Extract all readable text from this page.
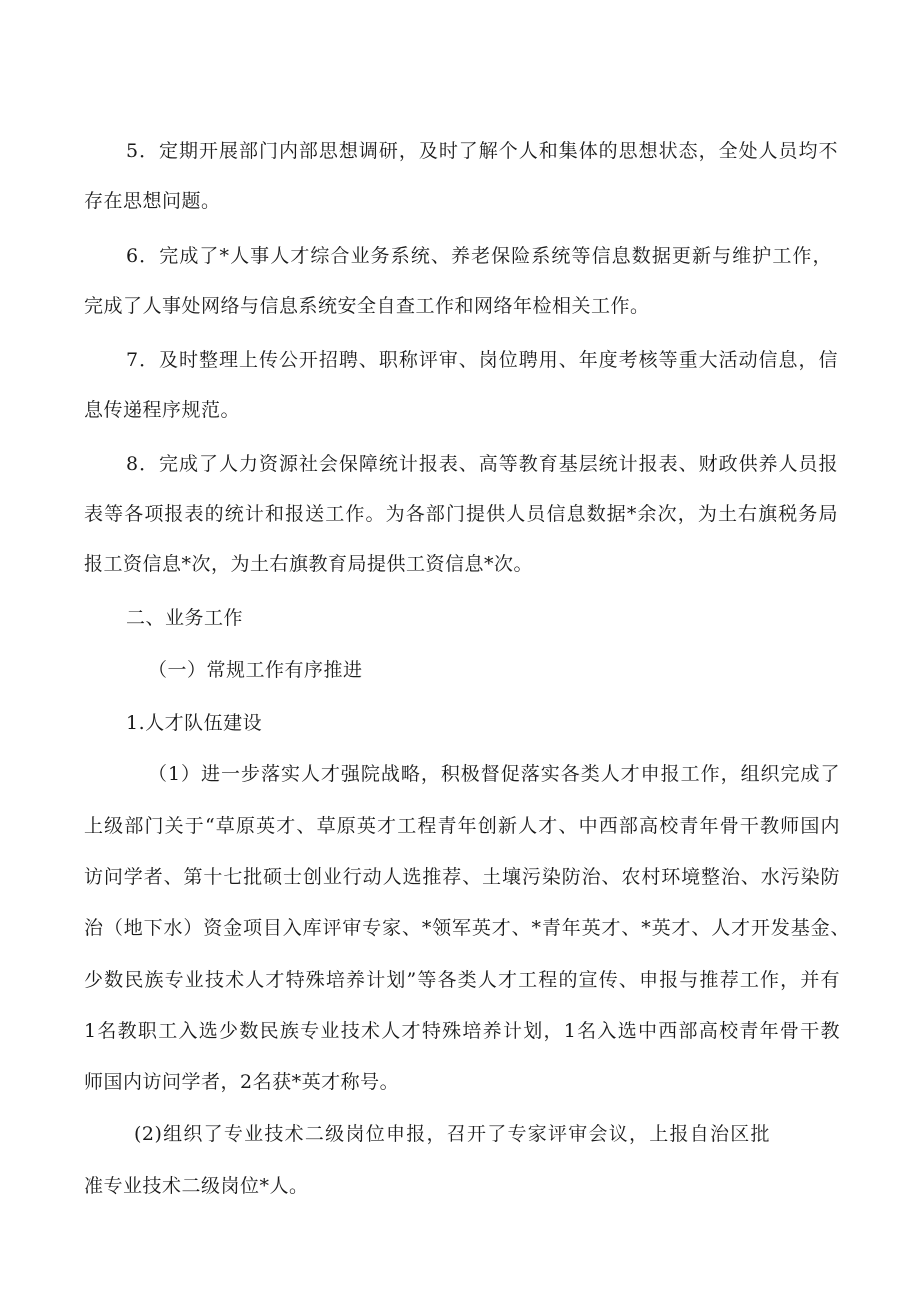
5．定期开展部门内部思想调研，及时了解个人和集体的思想状态，全处人员均不
存在思想问题。
6．完成了*人事人才综合业务系统、养老保险系统等信息数据更新与维护工作，
完成了人事处网络与信息系统安全自查工作和网络年检相关工作。
7．及时整理上传公开招聘、职称评审、岗位聘用、年度考核等重大活动信息，信
息传递程序规范。
8．完成了人力资源社会保障统计报表、高等教育基层统计报表、财政供养人员报
表等各项报表的统计和报送工作。为各部门提供人员信息数据*余次，为土右旗税务局
报工资信息*次，为土右旗教育局提供工资信息*次。
二、业务工作
（一）常规工作有序推进
1.人才队伍建设
（1）进一步落实人才强院战略，积极督促落实各类人才申报工作，组织完成了
上级部门关于“草原英才、草原英才工程青年创新人才、中西部高校青年骨干教师国内
访问学者、第十七批硕士创业行动人选推荐、土壤污染防治、农村环境整治、水污染防
治（地下水）资金项目入库评审专家、*领军英才、*青年英才、*英才、人才开发基金、
少数民族专业技术人才特殊培养计划”等各类人才工程的宣传、申报与推荐工作，并有
1名教职工入选少数民族专业技术人才特殊培养计划，1名入选中西部高校青年骨干教
师国内访问学者，2名获*英才称号。
(2)组织了专业技术二级岗位申报，召开了专家评审会议，上报自治区批
准专业技术二级岗位*人。
